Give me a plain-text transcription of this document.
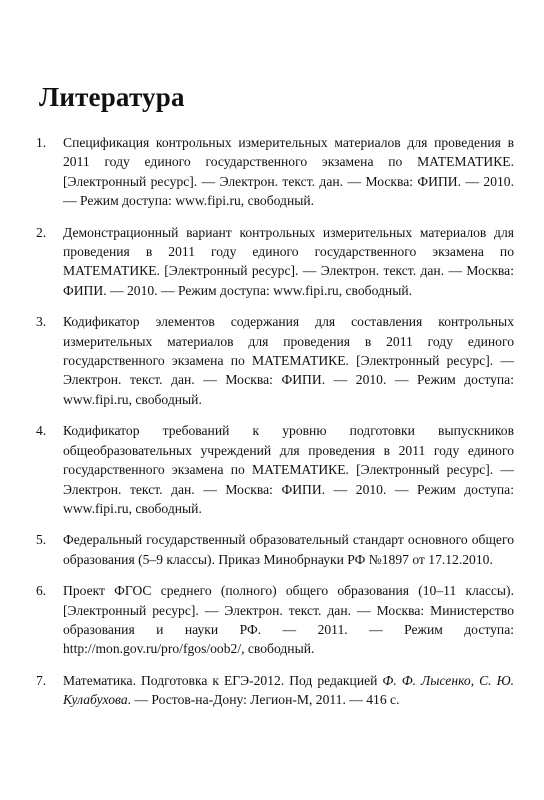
Литература
1. Спецификация контрольных измерительных материалов для проведения в 2011 году единого государственного экзамена по МАТЕМАТИКЕ. [Электронный ресурс]. — Электрон. текст. дан. — Москва: ФИПИ. — 2010. — Режим доступа: www.fipi.ru, свободный.
2. Демонстрационный вариант контрольных измерительных материалов для проведения в 2011 году единого государственного экзамена по МАТЕМАТИКЕ. [Электронный ресурс]. — Электрон. текст. дан. — Москва: ФИПИ. — 2010. — Режим доступа: www.fipi.ru, свободный.
3. Кодификатор элементов содержания для составления контрольных измерительных материалов для проведения в 2011 году единого государственного экзамена по МАТЕМАТИКЕ. [Электронный ресурс]. — Электрон. текст. дан. — Москва: ФИПИ. — 2010. — Режим доступа: www.fipi.ru, свободный.
4. Кодификатор требований к уровню подготовки выпускников общеобразовательных учреждений для проведения в 2011 году единого государственного экзамена по МАТЕМАТИКЕ. [Электронный ресурс]. — Электрон. текст. дан. — Москва: ФИПИ. — 2010. — Режим доступа: www.fipi.ru, свободный.
5. Федеральный государственный образовательный стандарт основного общего образования (5–9 классы). Приказ Минобрнауки РФ №1897 от 17.12.2010.
6. Проект ФГОС среднего (полного) общего образования (10–11 классы). [Электронный ресурс]. — Электрон. текст. дан. — Москва: Министерство образования и науки РФ. — 2011. — Режим доступа: http://mon.gov.ru/pro/fgos/oob2/, свободный.
7. Математика. Подготовка к ЕГЭ-2012. Под редакцией Ф. Ф. Лысенко, С. Ю. Кулабухова. — Ростов-на-Дону: Легион-М, 2011. — 416 с.
